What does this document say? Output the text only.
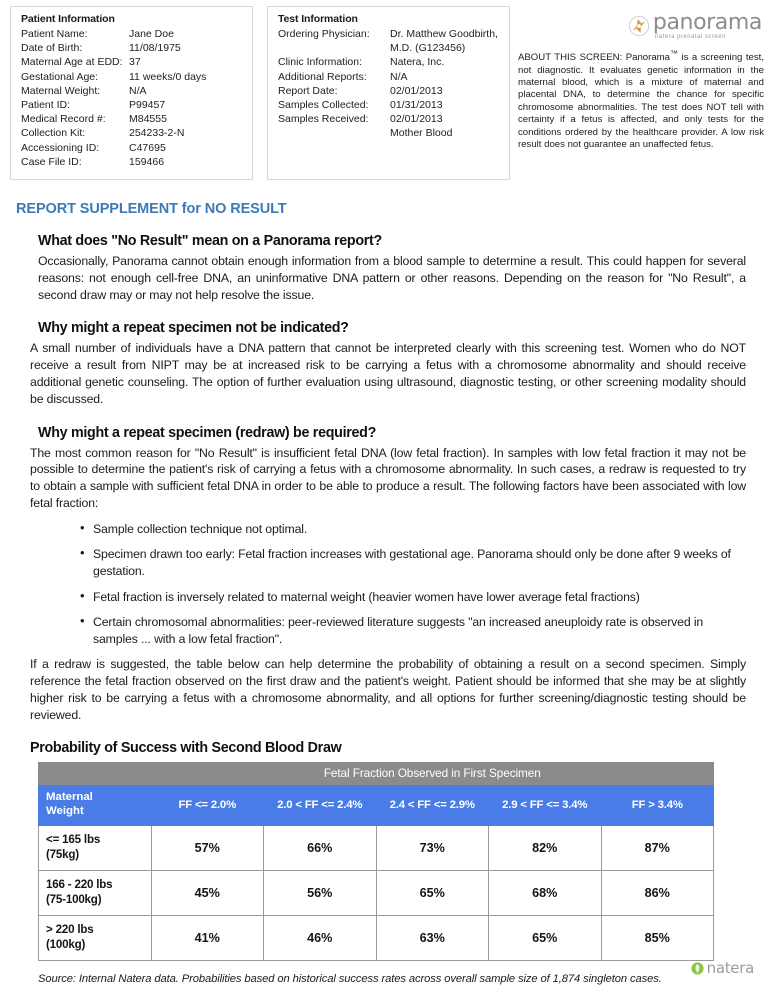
Patient Information
Patient Name:	Jane Doe
Date of Birth:	11/08/1975
Maternal Age at EDD: 37
Gestational Age:	11 weeks/0 days
Maternal Weight:	N/A
Patient ID:	P99457
Medical Record #:	M84555
Collection Kit:	254233-2-N
Accessioning ID:	C47695
Case File ID:	159466
Test Information
Ordering Physician:	Dr. Matthew Goodbirth, M.D. (G123456)
Clinic Information:	Natera, Inc.
Additional Reports:	N/A
Report Date:	02/01/2013
Samples Collected:	01/31/2013
Samples Received:	02/01/2013
Mother Blood
panorama
natera prenatal screen
ABOUT THIS SCREEN: Panorama™ is a screening test, not diagnostic. It evaluates genetic information in the maternal blood, which is a mixture of maternal and placental DNA, to determine the chance for specific chromosome abnormalities. The test does NOT tell with certainty if a fetus is affected, and only tests for the conditions ordered by the healthcare provider. A low risk result does not guarantee an unaffected fetus.
REPORT SUPPLEMENT for NO RESULT
What does "No Result" mean on a Panorama report?

Occasionally, Panorama cannot obtain enough information from a blood sample to determine a result. This could happen for several reasons: not enough cell-free DNA, an uninformative DNA pattern or other reasons. Depending on the reason for "No Result", a second draw may or may not help resolve the issue.

Why might a repeat specimen not be indicated?

A small number of individuals have a DNA pattern that cannot be interpreted clearly with this screening test. Women who do NOT receive a result from NIPT may be at increased risk to be carrying a fetus with a chromosome abnormality and should receive additional genetic counseling. The option of further evaluation using ultrasound, diagnostic testing, or other screening modality should be discussed.

Why might a repeat specimen (redraw) be required?

The most common reason for "No Result" is insufficient fetal DNA (low fetal fraction). In samples with low fetal fraction it may not be possible to determine the patient's risk of carrying a fetus with a chromosome abnormality. In such cases, a redraw is requested to try to obtain a sample with sufficient fetal DNA in order to be able to produce a result. The following factors have been associated with low fetal fraction:

• Sample collection technique not optimal.
• Specimen drawn too early: Fetal fraction increases with gestational age. Panorama should only be done after 9 weeks of gestation.
• Fetal fraction is inversely related to maternal weight (heavier women have lower average fetal fractions)
• Certain chromosomal abnormalities: peer-reviewed literature suggests "an increased aneuploidy rate is observed in samples ... with a low fetal fraction".

If a redraw is suggested, the table below can help determine the probability of obtaining a result on a second specimen. Simply reference the fetal fraction observed on the first draw and the patient's weight. Patient should be informed that she may be at slightly higher risk to be carrying a fetus with a chromosome abnormality, and all options for further screening/diagnostic testing should be reviewed.

Probability of Success with Second Blood Draw
	Fetal Fraction Observed in First Specimen				
Maternal
Weight	FF <= 2.0%	2.0 < FF <= 2.4%	2.4 < FF <= 2.9%	2.9 < FF <= 3.4%	FF > 3.4%
<= 165 lbs
(75kg)	57%	66%	73%	82%	87%
166 - 220 lbs
(75-100kg)	45%	56%	65%	68%	86%
> 220 lbs
(100kg)	41%	46%	63%	65%	85%
Source: Internal Natera data. Probabilities based on historical success rates across overall sample size of 1,874 singleton cases.
natera
